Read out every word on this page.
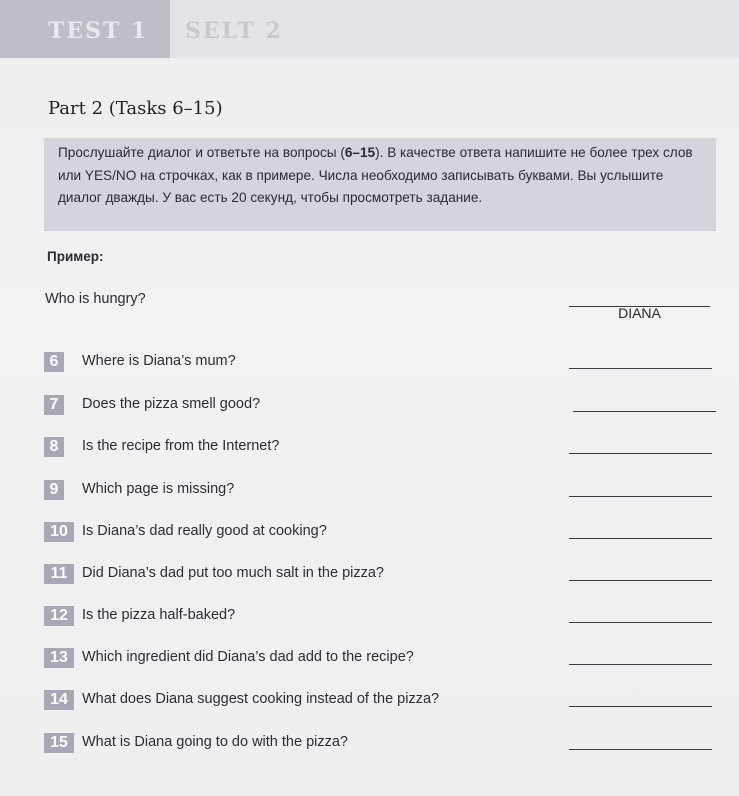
TEST 1 SELT 2
Part 2 (Tasks 6–15)

Прослушайте диалог и ответьте на вопросы (6–15). В качестве ответа напишите не более трех слов или YES/NO на строчках, как в примере. Числа необходимо записывать буквами. Вы услышите диалог дважды. У вас есть 20 секунд, чтобы просмотреть задание.

Пример:
Who is hungry?
DIANA
6	Where is Diana’s mum?
7	Does the pizza smell good?
8	Is the recipe from the Internet?
9	Which page is missing?
10 Is Diana’s dad really good at cooking?
11	Did Diana’s dad put too much salt in the pizza?
12 Is the pizza half-baked?
13 Which ingredient did Diana’s dad add to the recipe?
14 What does Diana suggest cooking instead of the pizza?
15 What is Diana going to do with the pizza?
